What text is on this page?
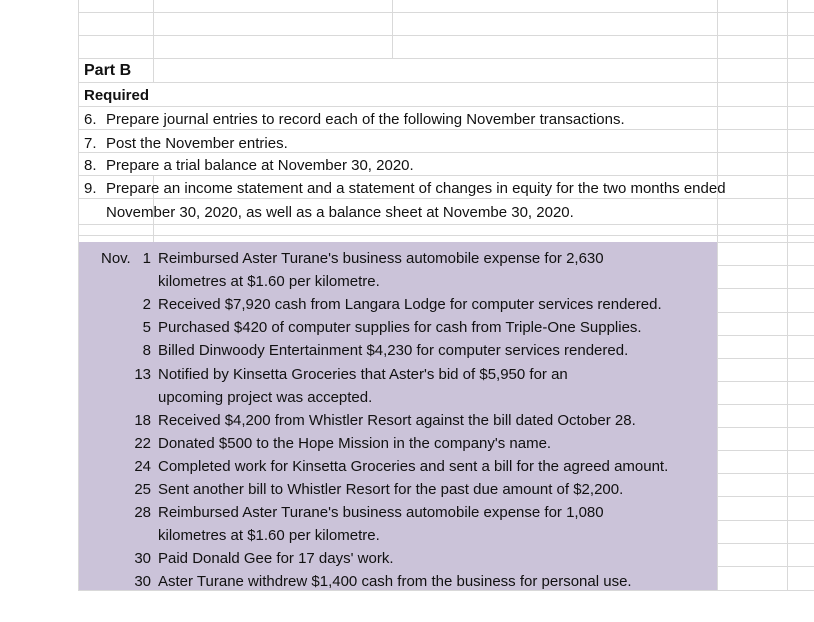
Part B
Required
6. Prepare journal entries to record each of the following November transactions.
7. Post the November entries.
8. Prepare a trial balance at November 30, 2020.
9. Prepare an income statement and a statement of changes in equity for the two months ended
November 30, 2020, as well as a balance sheet at Novembe 30, 2020.
Nov. 1 Reimbursed Aster Turane's business automobile expense for 2,630
kilometres at $1.60 per kilometre.
2 Received $7,920 cash from Langara Lodge for computer services rendered.
5 Purchased $420 of computer supplies for cash from Triple-One Supplies.
8 Billed Dinwoody Entertainment $4,230 for computer services rendered.
13 Notified by Kinsetta Groceries that Aster's bid of $5,950 for an
upcoming project was accepted.
18 Received $4,200 from Whistler Resort against the bill dated October 28.
22 Donated $500 to the Hope Mission in the company's name.
24 Completed work for Kinsetta Groceries and sent a bill for the agreed amount.
25 Sent another bill to Whistler Resort for the past due amount of $2,200.
28 Reimbursed Aster Turane's business automobile expense for 1,080
kilometres at $1.60 per kilometre.
30 Paid Donald Gee for 17 days' work.
30 Aster Turane withdrew $1,400 cash from the business for personal use.
